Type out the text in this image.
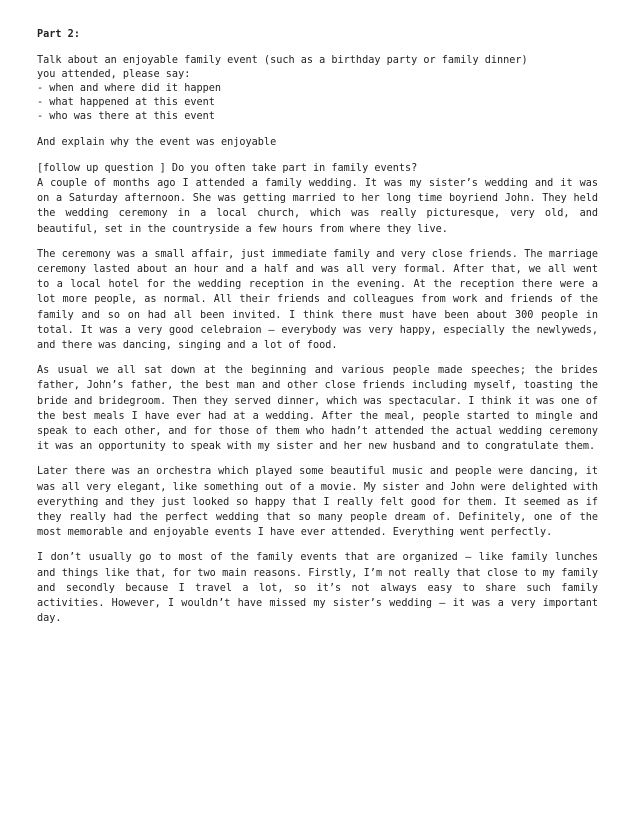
Part 2:

Talk about an enjoyable family event (such as a birthday party or family dinner)
you attended, please say:

- when and where did it happen
- what happened at this event
- who was there at this event

And explain why the event was enjoyable

[follow up question ] Do you often take part in family events?

A couple of months ago I attended a family wedding. It was my sister’s wedding and it was on a Saturday afternoon. She was getting married to her long time boyriend John. They held the wedding ceremony in a local church, which was really picturesque, very old, and beautiful, set in the countryside a few hours from where they live.

The ceremony was a small affair, just immediate family and very close friends. The marriage ceremony lasted about an hour and a half and was all very formal. After that, we all went to a local hotel for the wedding reception in the evening. At the reception there were a lot more people, as normal. All their friends and colleagues from work and friends of the family and so on had all been invited. I think there must have been about 300 people in total. It was a very good celebraion – everybody was very happy, especially the newlyweds, and there was dancing, singing and a lot of food.

As usual we all sat down at the beginning and various people made speeches; the brides father, John’s father, the best man and other close friends including myself, toasting the bride and bridegroom. Then they served dinner, which was spectacular. I think it was one of the best meals I have ever had at a wedding. After the meal, people started to mingle and speak to each other, and for those of them who hadn’t attended the actual wedding ceremony it was an opportunity to speak with my sister and her new husband and to congratulate them.

Later there was an orchestra which played some beautiful music and people were dancing, it was all very elegant, like something out of a movie. My sister and John were delighted with everything and they just looked so happy that I really felt good for them. It seemed as if they really had the perfect wedding that so many people dream of. Definitely, one of the most memorable and enjoyable events I have ever attended. Everything went perfectly.

I don’t usually go to most of the family events that are organized – like family lunches and things like that, for two main reasons. Firstly, I’m not really that close to my family and secondly because I travel a lot, so it’s not always easy to share such family activities. However, I wouldn’t have missed my sister’s wedding – it was a very important day.
